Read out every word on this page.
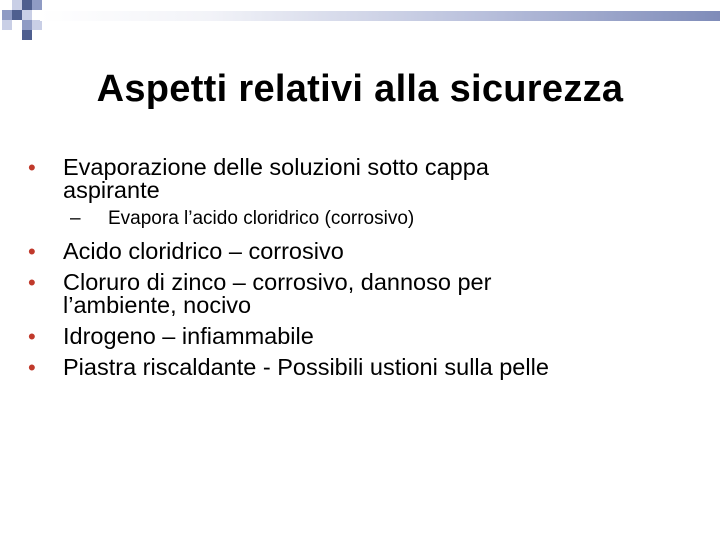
Aspetti relativi alla sicurezza
• Evaporazione delle soluzioni sotto cappa
aspirante
– Evapora l’acido cloridrico (corrosivo)
• Acido cloridrico – corrosivo
• Cloruro di zinco – corrosivo, dannoso per
l’ambiente, nocivo
• Idrogeno – infiammabile
• Piastra riscaldante - Possibili ustioni sulla pelle
